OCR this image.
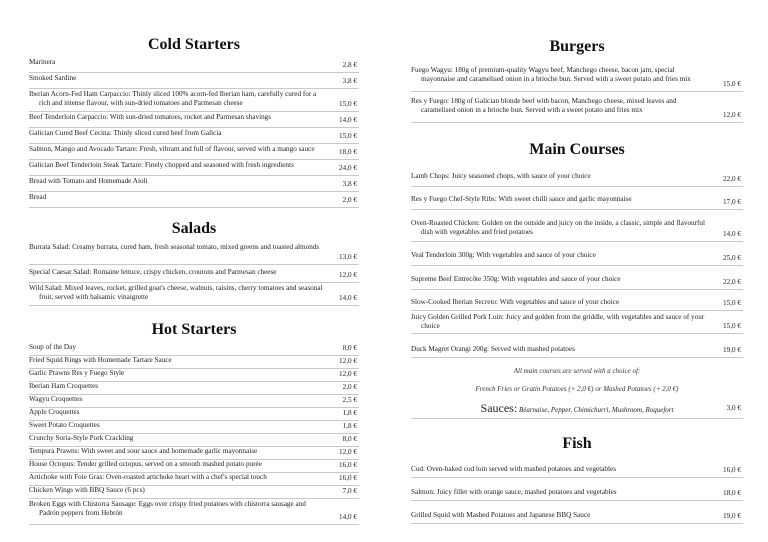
Cold Starters
Marinera	2,8 €
Smoked Sardine	3,8 €
Iberian Acorn-Fed Ham Carpaccio: Thinly sliced 100% acorn-fed Iberian ham, carefully cured for a rich and intense flavour, with sun-dried tomatoes and Parmesan cheese	15,0 €
Beef Tenderloin Carpaccio: With sun-dried tomatoes, rocket and Parmesan shavings	14,0 €
Galician Cured Beef Cecina: Thinly sliced cured beef from Galicia	15,0 €
Salmon, Mango and Avocado Tartare: Fresh, vibrant and full of flavour, served with a mango sauce	18,0 €
Galician Beef Tenderloin Steak Tartare: Finely chopped and seasoned with fresh ingredients	24,0 €
Bread with Tomato and Homemade Aioli	3,8 €
Bread	2,0 €
Salads
Burrata Salad: Creamy burrata, cured ham, fresh seasonal tomato, mixed greens and toasted almonds
13,0 €
Special Caesar Salad: Romaine lettuce, crispy chicken, croutons and Parmesan cheese	12,0 €
Wild Salad: Mixed leaves, rocket, grilled goat's cheese, walnuts, raisins, cherry tomatoes and seasonal fruit, served with balsamic vinaigrette	14,0 €
Hot Starters
Soup of the Day	8,0 €
Fried Squid Rings with Homemade Tartare Sauce	12,0 €
Garlic Prawns Res y Fuego Style	12,0 €
Iberian Ham Croquettes	2,0 €
Wagyu Croquettes	2,5 €
Apple Croquettes	1,8 €
Sweet Potato Croquettes	1,8 €
Crunchy Soria-Style Pork Crackling	8,0 €
Tempura Prawns: With sweet and sour sauce and homemade garlic mayonnaise	12,0 €
House Octopus: Tender grilled octopus, served on a smooth mashed potato purée	16,0 €
Artichoke with Foie Gras: Oven-roasted artichoke heart with a chef's special touch	16,0 €
Chicken Wings with BBQ Sauce (6 pcs)	7,0 €
Broken Eggs with Chistorra Sausage: Eggs over crispy fried potatoes with chistorra sausage and Padrón peppers from Hebrón	14,0 €
Burgers
Fuego Wagyu: 180g of premium-quality Wagyu beef, Manchego cheese, bacon jam, special mayonnaise and caramelised onion in a brioche bun. Served with a sweet potato and fries mix
15,0 €
Res y Fuego: 180g of Galician blonde beef with bacon, Manchego cheese, mixed leaves and caramelised onion in a brioche bun. Served with a sweet potato and fries mix
12,0 €
Main Courses
Lamb Chops: Juicy seasoned chops, with sauce of your choice	22,0 €
Res y Fuego Chef-Style Ribs: With sweet chilli sauce and garlic mayonnaise	17,0 €
Oven-Roasted Chicken: Golden on the outside and juicy on the inside, a classic, simple and flavourful dish with vegetables and fried potatoes	14,0 €
Veal Tenderloin 300g: With vegetables and sauce of your choice	25,0 €
Supreme Beef Entrecôte 350g: With vegetables and sauce of your choice	22,0 €
Slow-Cooked Iberian Secreto: With vegetables and sauce of your choice	15,0 €
Juicy Golden Grilled Pork Loin: Juicy and golden from the griddle, with vegetables and sauce of your choice	15,0 €
Duck Magret Orangi 200g: Served with mashed potatoes	19,0 €
All main courses are served with a choice of:
French Fries or Gratin Potatoes (+ 2,0 €) or Mashed Potatoes (+ 2,0 €)
Sauces: Béarnaise, Pepper, Chimichurri, Mushroom, Roquefort	3,0 €
Fish
Cod: Oven-baked cod loin served with mashed potatoes and vegetables	16,0 €
Salmon: Juicy fillet with orange sauce, mashed potatoes and vegetables	18,0 €
Grilled Squid with Mashed Potatoes and Japanese BBQ Sauce	19,0 €
